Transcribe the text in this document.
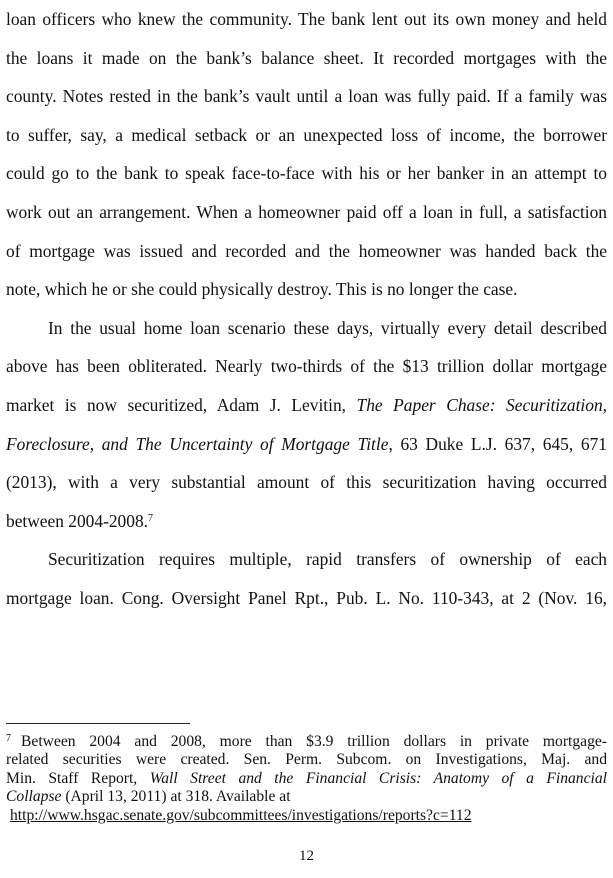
loan officers who knew the community. The bank lent out its own money and held
the loans it made on the bank’s balance sheet. It recorded mortgages with the
county. Notes rested in the bank’s vault until a loan was fully paid. If a family was
to suffer, say, a medical setback or an unexpected loss of income, the borrower
could go to the bank to speak face-to-face with his or her banker in an attempt to
work out an arrangement. When a homeowner paid off a loan in full, a satisfaction
of mortgage was issued and recorded and the homeowner was handed back the
note, which he or she could physically destroy. This is no longer the case.
In the usual home loan scenario these days, virtually every detail described
above has been obliterated. Nearly two-thirds of the $13 trillion dollar mortgage
market is now securitized, Adam J. Levitin, The Paper Chase: Securitization,
Foreclosure, and The Uncertainty of Mortgage Title, 63 Duke L.J. 637, 645, 671
(2013), with a very substantial amount of this securitization having occurred
between 2004-2008.$^7$
Securitization requires multiple, rapid transfers of ownership of each
mortgage loan. Cong. Oversight Panel Rpt., Pub. L. No. 110-343, at 2 (Nov. 16,
$^7$ Between 2004 and 2008, more than $3.9 trillion dollars in private mortgage-
related securities were created. Sen. Perm. Subcom. on Investigations, Maj. and
Min. Staff Report, Wall Street and the Financial Crisis: Anatomy of a Financial
Collapse (April 13, 2011) at 318. Available at
http://www.hsgac.senate.gov/subcommittees/investigations/reports?c=112
12
